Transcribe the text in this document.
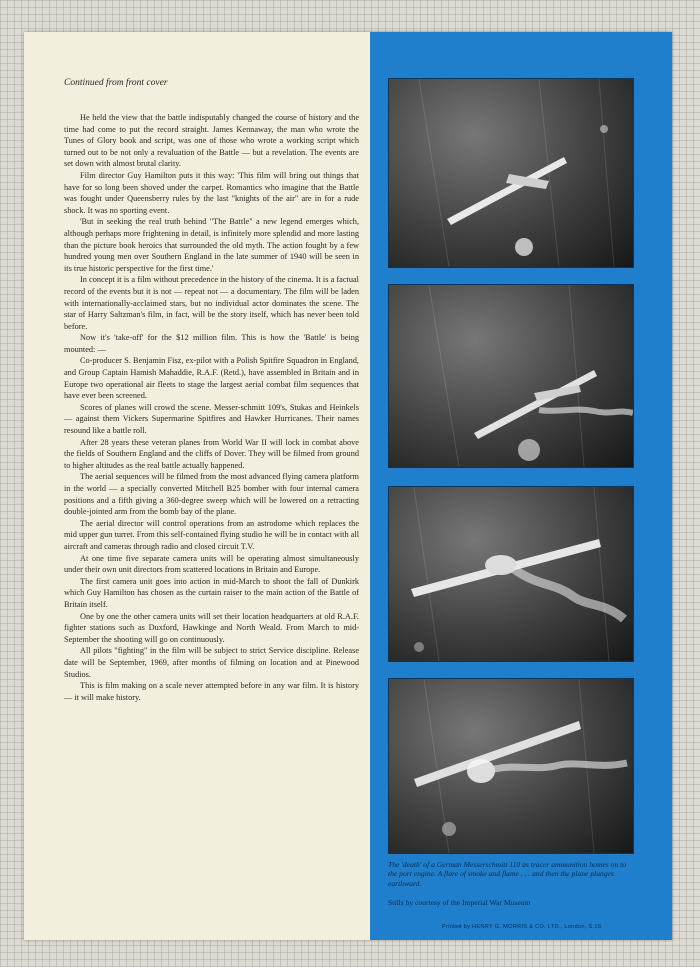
Continued from front cover

He held the view that the battle indisputably changed the course of history and the time had come to put the record straight. James Kennaway, the man who wrote the Tunes of Glory book and script, was one of those who wrote a working script which turned out to be not only a revaluation of the Battle — but a revelation. The events are set down with almost brutal clarity.

Film director Guy Hamilton puts it this way: 'This film will bring out things that have for so long been shoved under the carpet. Romantics who imagine that the Battle was fought under Queensberry rules by the last "knights of the air" are in for a rude shock. It was no sporting event.

'But in seeking the real truth behind "The Battle" a new legend emerges which, although perhaps more frightening in detail, is infinitely more splendid and more lasting than the picture book heroics that surrounded the old myth. The action fought by a few hundred young men over Southern England in the late summer of 1940 will be seen in its true historic perspective for the first time.'

In concept it is a film without precedence in the history of the cinema. It is a factual record of the events but it is not — repeat not — a documentary. The film will be laden with internationally-acclaimed stars, but no individual actor dominates the scene. The star of Harry Saltzman's film, in fact, will be the story itself, which has never been told before.

Now it's 'take-off' for the $12 million film. This is how the 'Battle' is being mounted: —

Co-producer S. Benjamin Fisz, ex-pilot with a Polish Spitfire Squadron in England, and Group Captain Hamish Mahaddie, R.A.F. (Retd.), have assembled in Britain and in Europe two operational air fleets to stage the largest aerial combat film sequences that have ever been screened.

Scores of planes will crowd the scene. Messer-schmitt 109's, Stukas and Heinkels — against them Vickers Supermarine Spitfires and Hawker Hurricanes. Their names resound like a battle roll.

After 28 years these veteran planes from World War II will lock in combat above the fields of Southern England and the cliffs of Dover. They will be filmed from ground to higher altitudes as the real battle actually happened.

The aerial sequences will be filmed from the most advanced flying camera platform in the world — a specially converted Mitchell B25 bomber with four internal camera positions and a fifth giving a 360-degree sweep which will be lowered on a retracting double-jointed arm from the bomb bay of the plane.

The aerial director will control operations from an astrodome which replaces the mid upper gun turret. From this self-contained flying studio he will be in contact with all aircraft and cameras through radio and closed circuit T.V.

At one time five separate camera units will be operating almost simultaneously under their own unit directors from scattered locations in Britain and Europe.

The first camera unit goes into action in mid-March to shoot the fall of Dunkirk which Guy Hamilton has chosen as the curtain raiser to the main action of the Battle of Britain itself.

One by one the other camera units will set their location headquarters at old R.A.F. fighter stations such as Duxford, Hawkinge and North Weald. From March to mid-September the shooting will go on continuously.

All pilots "fighting" in the film will be subject to strict Service discipline. Release date will be September, 1969, after months of filming on location and at Pinewood Studios.

This is film making on a scale never attempted before in any war film. It is history — it will make history.

The 'death' of a German Messerschmitt 110 as tracer ammunition homes on to the port engine. A flare of smoke and flame . . . and then the plane plunges earthward.
Stills by courtesy of the Imperial War Museum
Printed by HENRY G. MORRIS & CO. LTD., London, S.16
